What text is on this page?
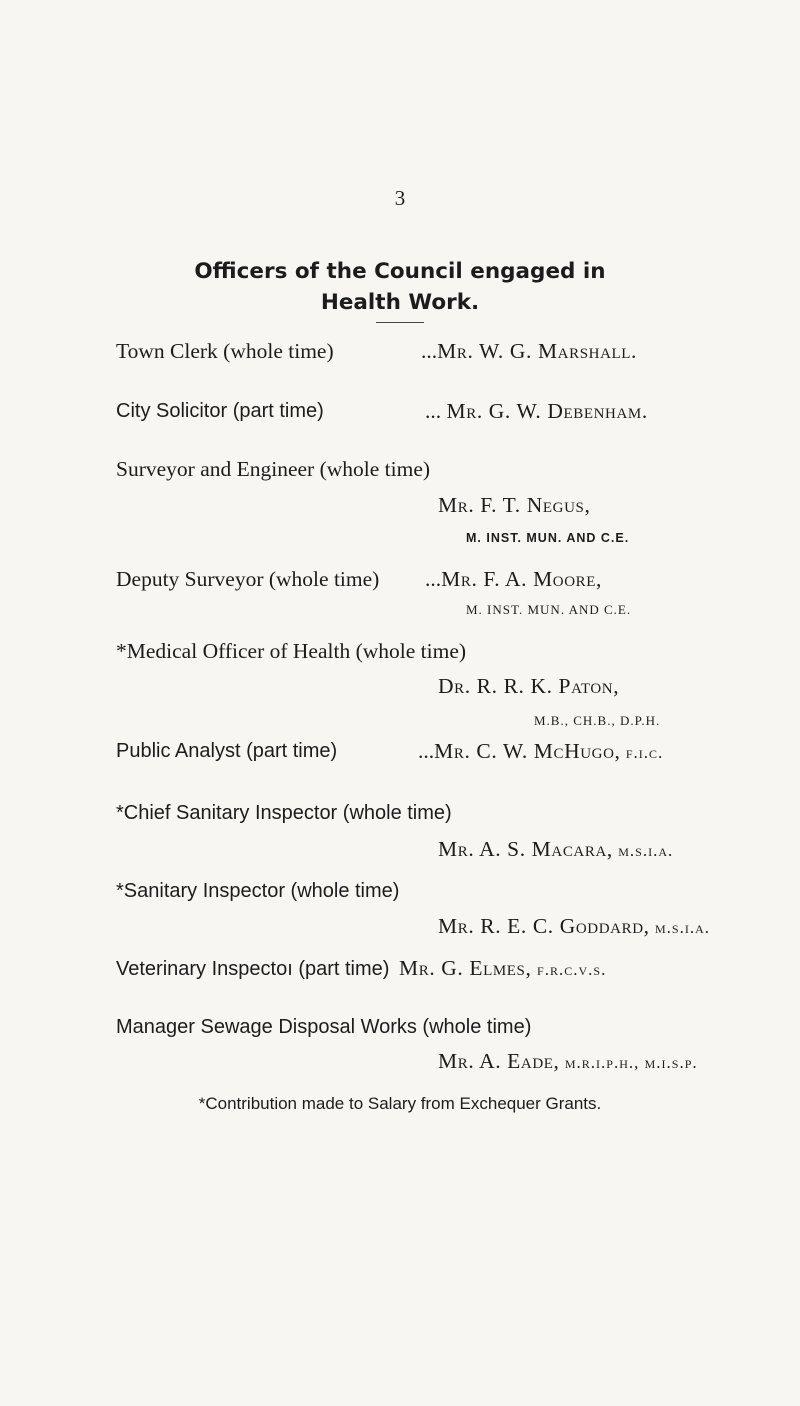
3
Officers of the Council engaged in
Health Work.
Town Clerk (whole time)	...Mr. W. G. Marshall.
City Solicitor (part time)	... Mr. G. W. Debenham.
Surveyor and Engineer (whole time)
Mr. F. T. Negus,
M. INST. MUN. AND C.E.
Deputy Surveyor (whole time) ...Mr. F. A. Moore,
M. INST. MUN. AND C.E.
*Medical Officer of Health (whole time)
Dr. R. R. K. Paton,
M.B., CH.B., D.P.H.
Public Analyst (part time)	...Mr. C. W. McHugo, f.i.c.
*Chief Sanitary Inspector (whole time)
Mr. A. S. Macara, m.s.i.a.
*Sanitary Inspector (whole time)
Mr. R. E. C. Goddard, m.s.i.a.
Veterinary Inspectoı (part time) Mr. G. Elmes, f.r.c.v.s.
Manager Sewage Disposal Works (whole time)
Mr. A. Eade, m.r.i.p.h., m.i.s.p.
*Contribution made to Salary from Exchequer Grants.
